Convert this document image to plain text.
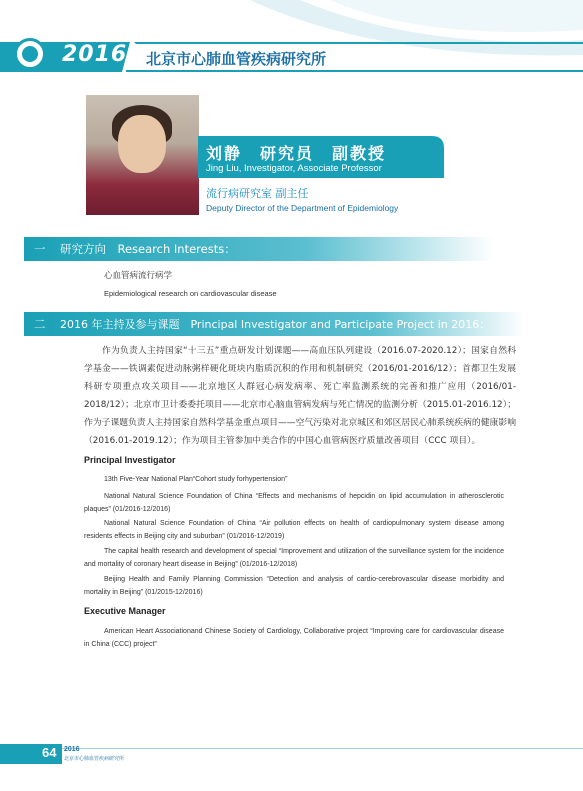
2016 北京市心肺血管疾病研究所
刘静　研究员　副教授
Jing Liu, Investigator, Associate Professor
流行病研究室 副主任
Deputy Director of the Department of Epidemiology
一 研究方向　Research Interests：
心血管病流行病学
Epidemiological research on cardiovascular disease
二 2016 年主持及参与课题　Principal Investigator and Participate Project in 2016：
作为负责人主持国家“十三五”重点研发计划课题——高血压队列建设（2016.07-2020.12）；国家自然科学基金——铁调素促进动脉粥样硬化斑块内脂质沉积的作用和机制研究（2016/01-2016/12）；首都卫生发展科研专项重点攻关项目——北京地区人群冠心病发病率、死亡率监测系统的完善和推广应用（2016/01-2018/12）；北京市卫计委委托项目——北京市心脑血管病发病与死亡情况的监测分析（2015.01-2016.12）；作为子课题负责人主持国家自然科学基金重点项目——空气污染对北京城区和郊区居民心肺系统疾病的健康影响（2016.01-2019.12）；作为项目主管参加中美合作的中国心血管病医疗质量改善项目（CCC 项目）。
Principal Investigator
13th Five-Year National Plan“Cohort study forhypertension”
National Natural Science Foundation of China “Effects and mechanisms of hepcidin on lipid accumulation in atherosclerotic plaques” (01/2016-12/2016)
National Natural Science Foundation of China “Air pollution effects on health of cardiopulmonary system disease among residents effects in Beijing city and suburban” (01/2016-12/2019)
The capital health research and development of special “Improvement and utilization of the surveillance system for the incidence and mortality of coronary heart disease in Beijing” (01/2016-12/2018)
Beijing Health and Family Planning Commission “Detection and analysis of cardio-cerebrovascular disease morbidity and mortality in Beijing” (01/2015-12/2016)
Executive Manager
American Heart Associationand Chinese Society of Cardiology, Collaborative project “Improving care for cardiovascular disease in China (CCC) project”
64 2016
北京市心肺血管疾病研究所
